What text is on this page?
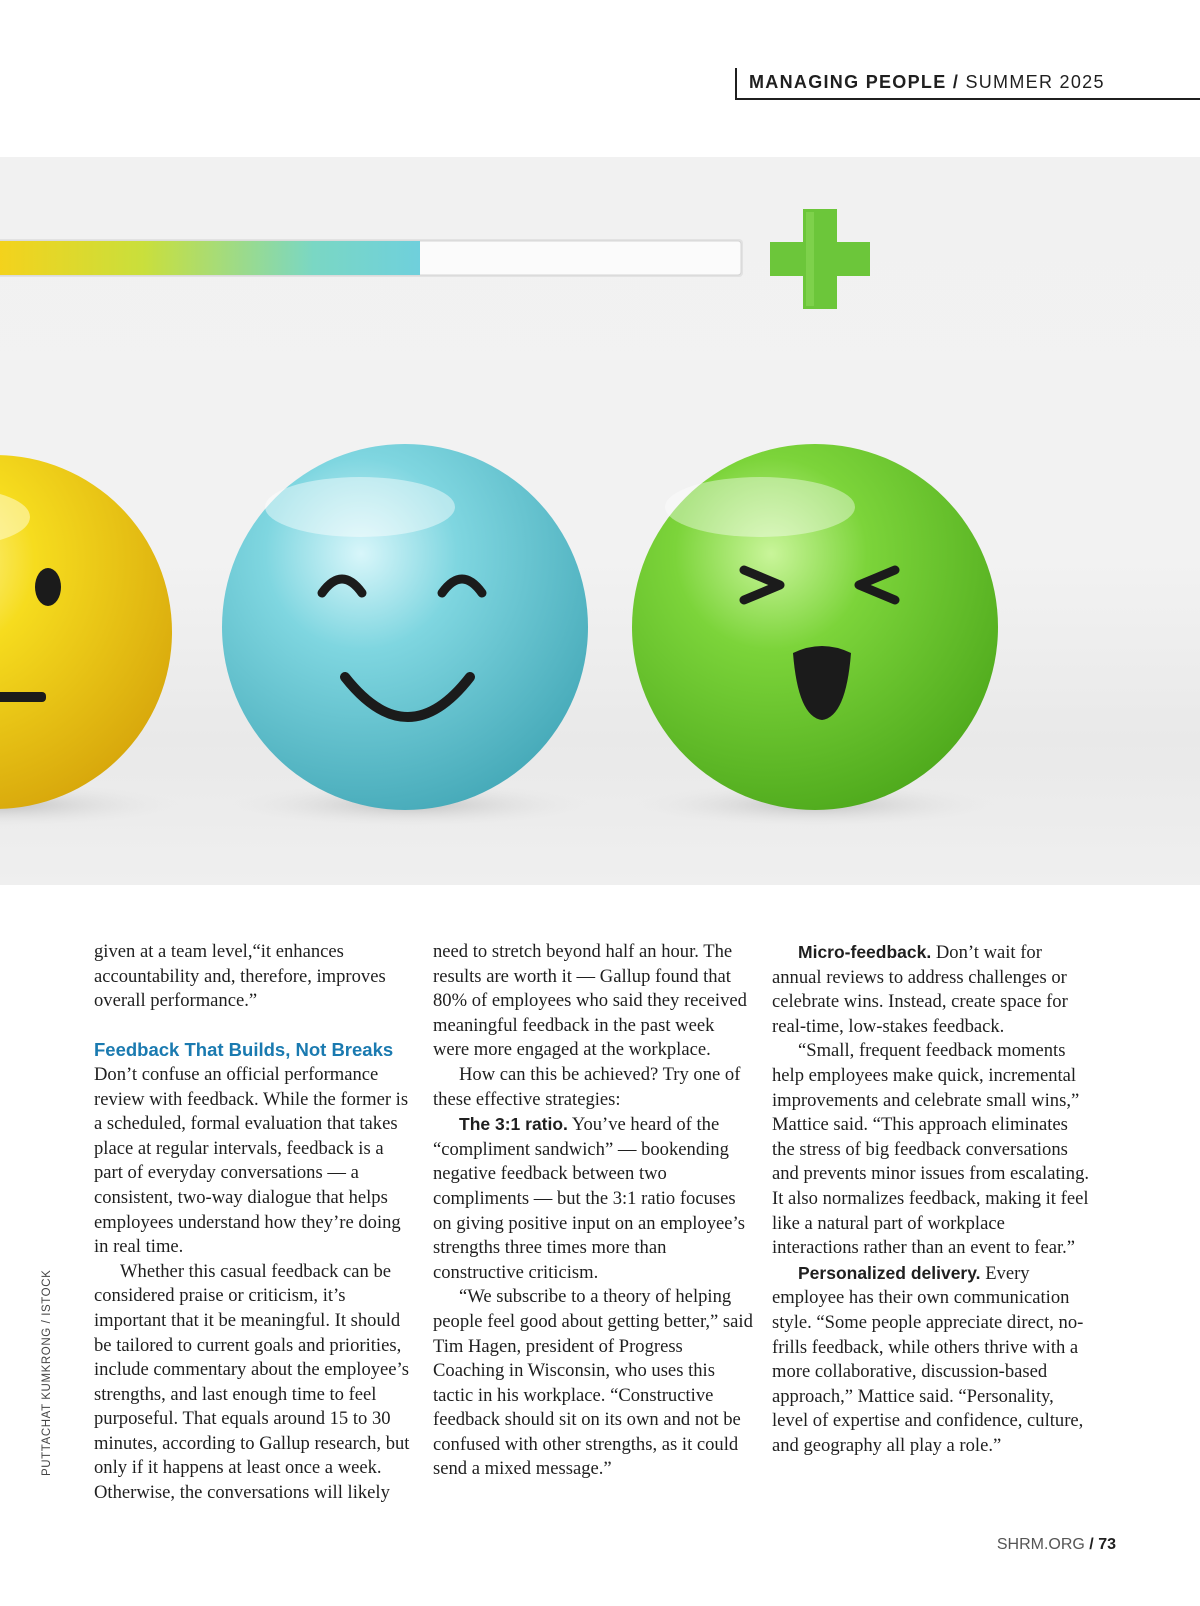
MANAGING PEOPLE / SUMMER 2025

given at a team level,“it enhances accountability and, therefore, improves overall performance.”

Feedback That Builds, Not Breaks

Don’t confuse an official performance review with feedback. While the former is a scheduled, formal evaluation that takes place at regular intervals, feedback is a part of everyday conversations — a consistent, two-way dialogue that helps employees understand how they’re doing in real time.

Whether this casual feedback can be considered praise or criticism, it’s important that it be meaningful. It should be tailored to current goals and priorities, include commentary about the employee’s strengths, and last enough time to feel purposeful. That equals around 15 to 30 minutes, according to Gallup research, but only if it happens at least once a week. Otherwise, the conversations will likely

need to stretch beyond half an hour. The results are worth it — Gallup found that 80% of employees who said they received meaningful feedback in the past week were more engaged at the workplace.

How can this be achieved? Try one of these effective strategies:

The 3:1 ratio. You’ve heard of the “compliment sandwich” — bookending negative feedback between two compliments — but the 3:1 ratio focuses on giving positive input on an employee’s strengths three times more than constructive criticism.

“We subscribe to a theory of helping people feel good about getting better,” said Tim Hagen, president of Progress Coaching in Wisconsin, who uses this tactic in his workplace. “Constructive feedback should sit on its own and not be confused with other strengths, as it could send a mixed message.”

Micro-feedback. Don’t wait for annual reviews to address challenges or celebrate wins. Instead, create space for real-time, low-stakes feedback.

“Small, frequent feedback moments help employees make quick, incremental improvements and celebrate small wins,” Mattice said. “This approach eliminates the stress of big feedback conversations and prevents minor issues from escalating. It also normalizes feedback, making it feel like a natural part of workplace interactions rather than an event to fear.”

Personalized delivery. Every employee has their own communication style. “Some people appreciate direct, no-frills feedback, while others thrive with a more collaborative, discussion-based approach,” Mattice said. “Personality, level of expertise and confidence, culture, and geography all play a role.”

PUTTACHAT KUMKRONG / ISTOCK
SHRM.ORG / 73
